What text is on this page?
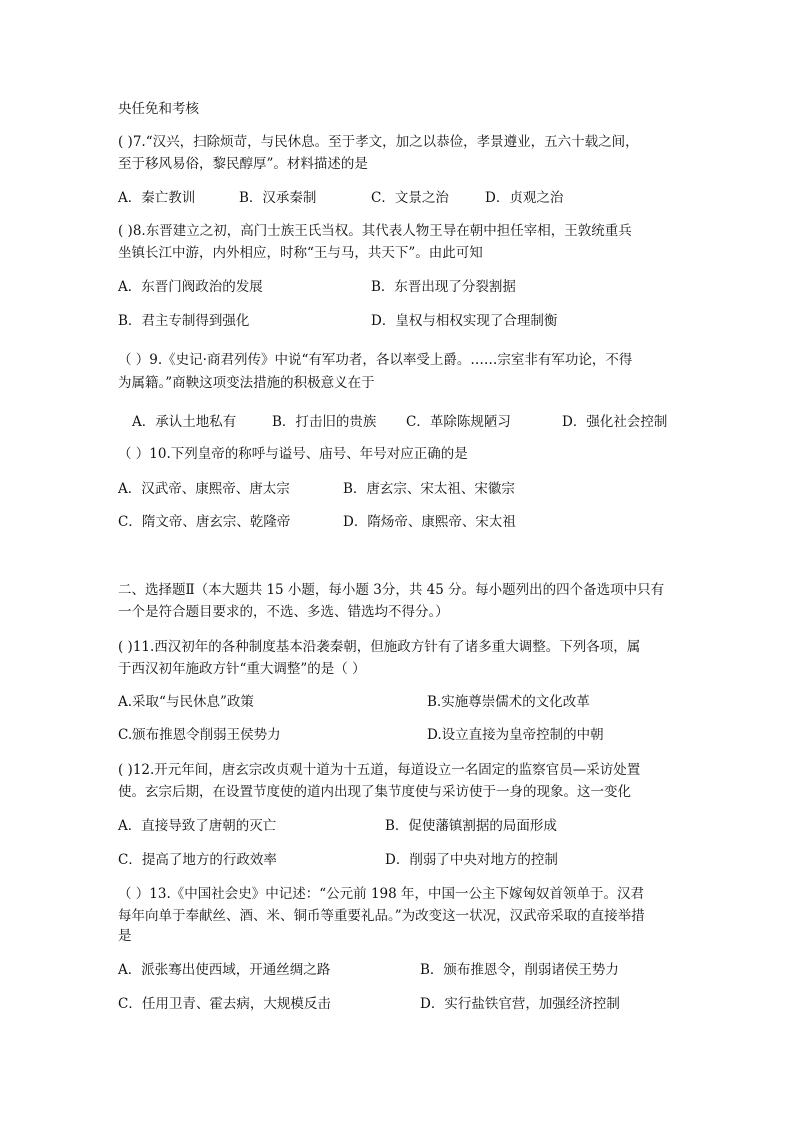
央任免和考核
( )7.“汉兴，扫除烦苛，与民休息。至于孝文，加之以恭俭，孝景遵业，五六十载之间，
至于移风易俗，黎民醇厚”。材料描述的是
A．秦亡教训	B．汉承秦制	C．文景之治	D．贞观之治
( )8.东晋建立之初，高门士族王氏当权。其代表人物王导在朝中担任宰相，王敦统重兵
坐镇长江中游，内外相应，时称“王与马，共天下”。由此可知
A．东晋门阀政治的发展	B．东晋出现了分裂割据
B．君主专制得到强化	D．皇权与相权实现了合理制衡
（ ）9.《史记·商君列传》中说“有军功者，各以率受上爵。……宗室非有军功论，不得
为属籍。”商鞅这项变法措施的积极意义在于
A．承认土地私有	B．打击旧的贵族 C．革除陈规陋习	D．强化社会控制
（ ）10.下列皇帝的称呼与谥号、庙号、年号对应正确的是
A．汉武帝、康熙帝、唐太宗	B．唐玄宗、宋太祖、宋徽宗
C．隋文帝、唐玄宗、乾隆帝	D．隋炀帝、康熙帝、宋太祖
二、选择题Ⅱ（本大题共 15 小题，每小题 3分，共 45 分。每小题列出的四个备选项中只有
一个是符合题目要求的，不选、多选、错选均不得分。）
( )11.西汉初年的各种制度基本沿袭秦朝，但施政方针有了诸多重大调整。下列各项，属
于西汉初年施政方针“重大调整”的是（ ）
A.采取“与民休息”政策	B.实施尊崇儒术的文化改革
C.颁布推恩令削弱王侯势力	D.设立直接为皇帝控制的中朝
( )12.开元年间，唐玄宗改贞观十道为十五道，每道设立一名固定的监察官员—采访处置
使。玄宗后期，在设置节度使的道内出现了集节度使与采访使于一身的现象。这一变化
A．直接导致了唐朝的灭亡	B．促使藩镇割据的局面形成
C．提高了地方的行政效率	D．削弱了中央对地方的控制
（ ）13.《中国社会史》中记述：“公元前 198 年，中国一公主下嫁匈奴首领单于。汉君
每年向单于奉献丝、酒、米、铜币等重要礼品。”为改变这一状况，汉武帝采取的直接举措
是
A．派张骞出使西域，开通丝绸之路	B．颁布推恩令，削弱诸侯王势力
C．任用卫青、霍去病，大规模反击	D．实行盐铁官营，加强经济控制
